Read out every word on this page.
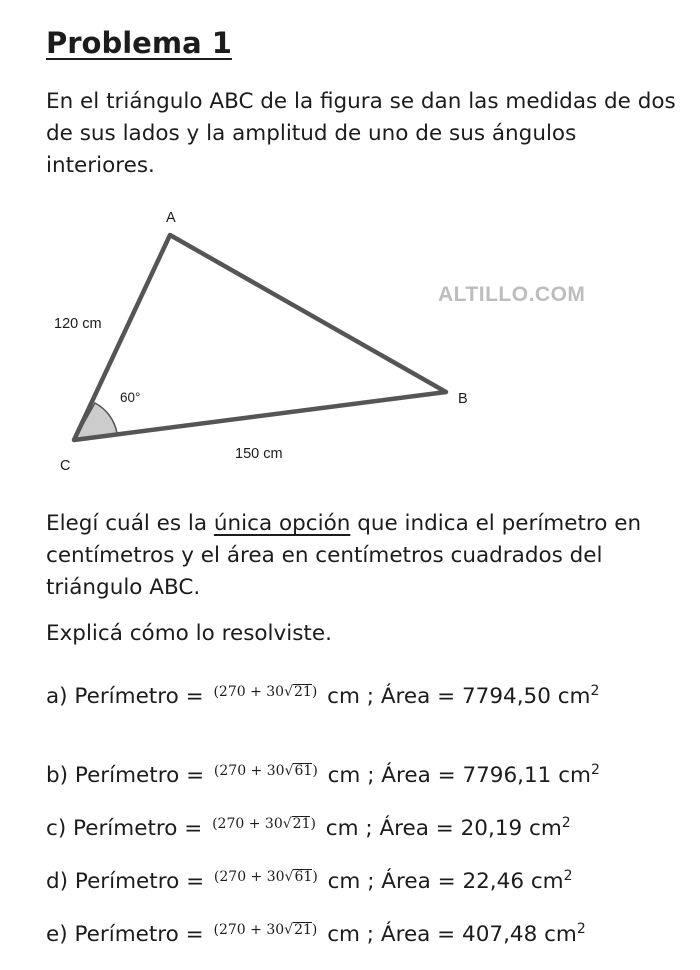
Problema 1

En el triángulo ABC de la figura se dan las medidas de dos de sus lados y la amplitud de uno de sus ángulos interiores.

A
B
C
120 cm
150 cm
60°
ALTILLO.COM

Elegí cuál es la única opción que indica el perímetro en centímetros y el área en centímetros cuadrados del triángulo ABC.

Explicá cómo lo resolviste.

a) Perímetro = $^{(270 + 30√21)}$ cm ; Área = 7794,50 $cm^2$
b) Perímetro = $^{(270 + 30√61)}$ cm ; Área = 7796,11 $cm^2$
c) Perímetro = $^{(270 + 30√21)}$ cm ; Área = 20,19 $cm^2$
d) Perímetro = $^{(270 + 30√61)}$ cm ; Área = 22,46 $cm^2$
e) Perímetro = $^{(270 + 30√21)}$ cm ; Área = 407,48 $cm^2$
